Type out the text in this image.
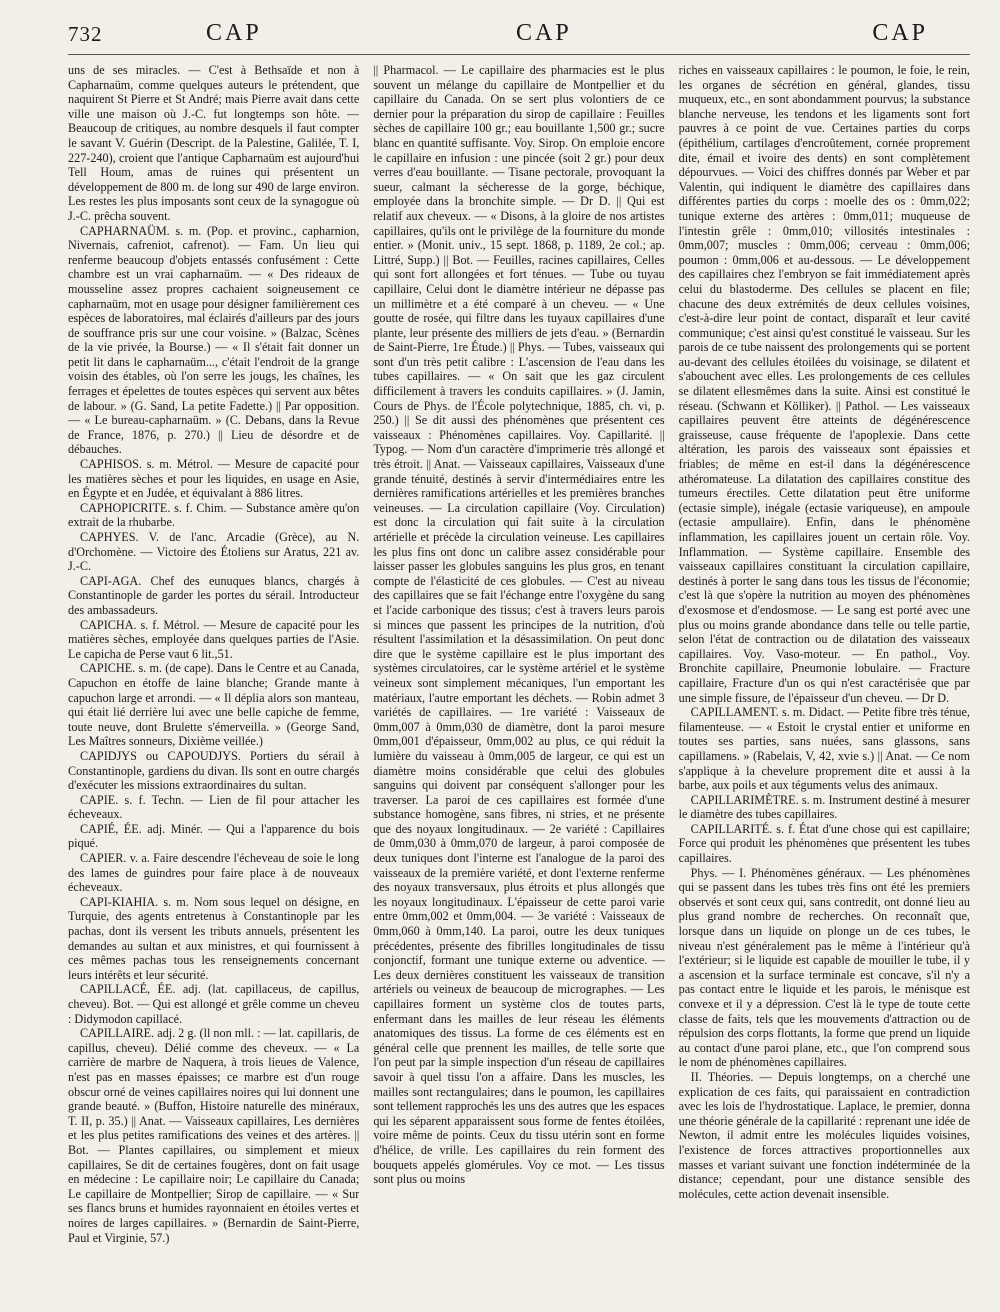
732	CAP	CAP	CAP

uns de ses miracles. — C'est à Bethsaïde et non à Capharnaüm, comme quelques auteurs le prétendent, que naquirent St Pierre et St André; mais Pierre avait dans cette ville une maison où J.-C. fut longtemps son hôte. — Beaucoup de critiques, au nombre desquels il faut compter le savant V. Guérin (Descript. de la Palestine, Galilée, T. I, 227-240), croient que l'antique Capharnaüm est aujourd'hui Tell Houm, amas de ruines qui présentent un développement de 800 m. de long sur 490 de large environ. Les restes les plus imposants sont ceux de la synagogue où J.-C. prêcha souvent.

CAPHARNAÜM. s. m. (Pop. et provinc., capharnion, Nivernais, cafreniot, cafrenot). — Fam. Un lieu qui renferme beaucoup d'objets entassés confusément : Cette chambre est un vrai capharnaüm. — « Des rideaux de mousseline assez propres cachaient soigneusement ce capharnaüm, mot en usage pour désigner familièrement ces espèces de laboratoires, mal éclairés d'ailleurs par des jours de souffrance pris sur une cour voisine. » (Balzac, Scènes de la vie privée, la Bourse.) — « Il s'était fait donner un petit lit dans le capharnaüm..., c'était l'endroit de la grange voisin des étables, où l'on serre les jougs, les chaînes, les ferrages et épelettes de toutes espèces qui servent aux bêtes de labour. » (G. Sand, La petite Fadette.) || Par opposition. — « Le bureau-capharnaüm. » (C. Debans, dans la Revue de France, 1876, p. 270.) || Lieu de désordre et de débauches.

CAPHISOS. s. m. Métrol. — Mesure de capacité pour les matières sèches et pour les liquides, en usage en Asie, en Égypte et en Judée, et équivalant à 886 litres.

CAPHOPICRITE. s. f. Chim. — Substance amère qu'on extrait de la rhubarbe.

CAPHYES. V. de l'anc. Arcadie (Grèce), au N. d'Orchomène. — Victoire des Étoliens sur Aratus, 221 av. J.-C.

CAPI-AGA. Chef des eunuques blancs, chargés à Constantinople de garder les portes du sérail. Introducteur des ambassadeurs.

CAPICHA. s. f. Métrol. — Mesure de capacité pour les matières sèches, employée dans quelques parties de l'Asie. Le capicha de Perse vaut 6 lit.,51.

CAPICHE. s. m. (de cape). Dans le Centre et au Canada, Capuchon en étoffe de laine blanche; Grande mante à capuchon large et arrondi. — « Il déplia alors son manteau, qui était lié derrière lui avec une belle capiche de femme, toute neuve, dont Brulette s'émerveilla. » (George Sand, Les Maîtres sonneurs, Dixième veillée.)

CAPIDJYS ou CAPOUDJYS. Portiers du sérail à Constantinople, gardiens du divan. Ils sont en outre chargés d'exécuter les missions extraordinaires du sultan.

CAPIE. s. f. Techn. — Lien de fil pour attacher les écheveaux.

CAPIÉ, ÉE. adj. Minér. — Qui a l'apparence du bois piqué.

CAPIER. v. a. Faire descendre l'écheveau de soie le long des lames de guindres pour faire place à de nouveaux écheveaux.

CAPI-KIAHIA. s. m. Nom sous lequel on désigne, en Turquie, des agents entretenus à Constantinople par les pachas, dont ils versent les tributs annuels, présentent les demandes au sultan et aux ministres, et qui fournissent à ces mêmes pachas tous les renseignements concernant leurs intérêts et leur sécurité.

CAPILLACÉ, ÉE. adj. (lat. capillaceus, de capillus, cheveu). Bot. — Qui est allongé et grêle comme un cheveu : Didymodon capillacé.

CAPILLAIRE. adj. 2 g. (ll non mll. : — lat. capillaris, de capillus, cheveu). Délié comme des cheveux. — « La carrière de marbre de Naquera, à trois lieues de Valence, n'est pas en masses épaisses; ce marbre est d'un rouge obscur orné de veines capillaires noires qui lui donnent une grande beauté. » (Buffon, Histoire naturelle des minéraux, T. II, p. 35.) || Anat. — Vaisseaux capillaires, Les dernières et les plus petites ramifications des veines et des artères. || Bot. — Plantes capillaires, ou simplement et mieux capillaires, Se dit de certaines fougères, dont on fait usage en médecine : Le capillaire noir; Le capillaire du Canada; Le capillaire de Montpellier; Sirop de capillaire. — « Sur ses flancs bruns et humides rayonnaient en étoiles vertes et noires de larges capillaires. » (Bernardin de Saint-Pierre, Paul et Virginie, 57.)

|| Pharmacol. — Le capillaire des pharmacies est le plus souvent un mélange du capillaire de Montpellier et du capillaire du Canada. On se sert plus volontiers de ce dernier pour la préparation du sirop de capillaire : Feuilles sèches de capillaire 100 gr.; eau bouillante 1,500 gr.; sucre blanc en quantité suffisante. Voy. Sirop. On emploie encore le capillaire en infusion : une pincée (soit 2 gr.) pour deux verres d'eau bouillante. — Tisane pectorale, provoquant la sueur, calmant la sécheresse de la gorge, béchique, employée dans la bronchite simple. — Dr D. || Qui est relatif aux cheveux. — « Disons, à la gloire de nos artistes capillaires, qu'ils ont le privilège de la fourniture du monde entier. » (Monit. univ., 15 sept. 1868, p. 1189, 2e col.; ap. Littré, Supp.) || Bot. — Feuilles, racines capillaires, Celles qui sont fort allongées et fort ténues. — Tube ou tuyau capillaire, Celui dont le diamètre intérieur ne dépasse pas un millimètre et a été comparé à un cheveu. — « Une goutte de rosée, qui filtre dans les tuyaux capillaires d'une plante, leur présente des milliers de jets d'eau. » (Bernardin de Saint-Pierre, 1re Étude.) || Phys. — Tubes, vaisseaux qui sont d'un très petit calibre : L'ascension de l'eau dans les tubes capillaires. — « On sait que les gaz circulent difficilement à travers les conduits capillaires. » (J. Jamin, Cours de Phys. de l'École polytechnique, 1885, ch. vi, p. 250.) || Se dit aussi des phénomènes que présentent ces vaisseaux : Phénomènes capillaires. Voy. Capillarité. || Typog. — Nom d'un caractère d'imprimerie très allongé et très étroit. || Anat. — Vaisseaux capillaires, Vaisseaux d'une grande ténuité, destinés à servir d'intermédiaires entre les dernières ramifications artérielles et les premières branches veineuses. — La circulation capillaire (Voy. Circulation) est donc la circulation qui fait suite à la circulation artérielle et précède la circulation veineuse. Les capillaires les plus fins ont donc un calibre assez considérable pour laisser passer les globules sanguins les plus gros, en tenant compte de l'élasticité de ces globules. — C'est au niveau des capillaires que se fait l'échange entre l'oxygène du sang et l'acide carbonique des tissus; c'est à travers leurs parois si minces que passent les principes de la nutrition, d'où résultent l'assimilation et la désassimilation. On peut donc dire que le système capillaire est le plus important des systèmes circulatoires, car le système artériel et le système veineux sont simplement mécaniques, l'un emportant les matériaux, l'autre emportant les déchets. — Robin admet 3 variétés de capillaires. — 1re variété : Vaisseaux de 0mm,007 à 0mm,030 de diamètre, dont la paroi mesure 0mm,001 d'épaisseur, 0mm,002 au plus, ce qui réduit la lumière du vaisseau à 0mm,005 de largeur, ce qui est un diamètre moins considérable que celui des globules sanguins qui doivent par conséquent s'allonger pour les traverser. La paroi de ces capillaires est formée d'une substance homogène, sans fibres, ni stries, et ne présente que des noyaux longitudinaux. — 2e variété : Capillaires de 0mm,030 à 0mm,070 de largeur, à paroi composée de deux tuniques dont l'interne est l'analogue de la paroi des vaisseaux de la première variété, et dont l'externe renferme des noyaux transversaux, plus étroits et plus allongés que les noyaux longitudinaux. L'épaisseur de cette paroi varie entre 0mm,002 et 0mm,004. — 3e variété : Vaisseaux de 0mm,060 à 0mm,140. La paroi, outre les deux tuniques précédentes, présente des fibrilles longitudinales de tissu conjonctif, formant une tunique externe ou adventice. — Les deux dernières constituent les vaisseaux de transition artériels ou veineux de beaucoup de micrographes. — Les capillaires forment un système clos de toutes parts, enfermant dans les mailles de leur réseau les éléments anatomiques des tissus. La forme de ces éléments est en général celle que prennent les mailles, de telle sorte que l'on peut par la simple inspection d'un réseau de capillaires savoir à quel tissu l'on a affaire. Dans les muscles, les mailles sont rectangulaires; dans le poumon, les capillaires sont tellement rapprochés les uns des autres que les espaces qui les séparent apparaissent sous forme de fentes étoilées, voire même de points. Ceux du tissu utérin sont en forme d'hélice, de vrille. Les capillaires du rein forment des bouquets appelés glomérules. Voy ce mot. — Les tissus sont plus ou moins

riches en vaisseaux capillaires : le poumon, le foie, le rein, les organes de sécrétion en général, glandes, tissu muqueux, etc., en sont abondamment pourvus; la substance blanche nerveuse, les tendons et les ligaments sont fort pauvres à ce point de vue. Certaines parties du corps (épithélium, cartilages d'encroûtement, cornée proprement dite, émail et ivoire des dents) en sont complètement dépourvues. — Voici des chiffres donnés par Weber et par Valentin, qui indiquent le diamètre des capillaires dans différentes parties du corps : moelle des os : 0mm,022; tunique externe des artères : 0mm,011; muqueuse de l'intestin grêle : 0mm,010; villosités intestinales : 0mm,007; muscles : 0mm,006; cerveau : 0mm,006; poumon : 0mm,006 et au-dessous. — Le développement des capillaires chez l'embryon se fait immédiatement après celui du blastoderme. Des cellules se placent en file; chacune des deux extrémités de deux cellules voisines, c'est-à-dire leur point de contact, disparaît et leur cavité communique; c'est ainsi qu'est constitué le vaisseau. Sur les parois de ce tube naissent des prolongements qui se portent au-devant des cellules étoilées du voisinage, se dilatent et s'abouchent avec elles. Les prolongements de ces cellules se dilatent ellesmêmes dans la suite. Ainsi est constitué le réseau. (Schwann et Kölliker). || Pathol. — Les vaisseaux capillaires peuvent être atteints de dégénérescence graisseuse, cause fréquente de l'apoplexie. Dans cette altération, les parois des vaisseaux sont épaissies et friables; de même en est-il dans la dégénérescence athéromateuse. La dilatation des capillaires constitue des tumeurs érectiles. Cette dilatation peut être uniforme (ectasie simple), inégale (ectasie variqueuse), en ampoule (ectasie ampullaire). Enfin, dans le phénomène inflammation, les capillaires jouent un certain rôle. Voy. Inflammation. — Système capillaire. Ensemble des vaisseaux capillaires constituant la circulation capillaire, destinés à porter le sang dans tous les tissus de l'économie; c'est là que s'opère la nutrition au moyen des phénomènes d'exosmose et d'endosmose. — Le sang est porté avec une plus ou moins grande abondance dans telle ou telle partie, selon l'état de contraction ou de dilatation des vaisseaux capillaires. Voy. Vaso-moteur. — En pathol., Voy. Bronchite capillaire, Pneumonie lobulaire. — Fracture capillaire, Fracture d'un os qui n'est caractérisée que par une simple fissure, de l'épaisseur d'un cheveu. — Dr D.

CAPILLAMENT. s. m. Didact. — Petite fibre très ténue, filamenteuse. — « Estoit le crystal entier et uniforme en toutes ses parties, sans nuées, sans glassons, sans capillamens. » (Rabelais, V, 42, xvie s.) || Anat. — Ce nom s'applique à la chevelure proprement dite et aussi à la barbe, aux poils et aux téguments velus des animaux.

CAPILLARIMÈTRE. s. m. Instrument destiné à mesurer le diamètre des tubes capillaires.

CAPILLARITÉ. s. f. État d'une chose qui est capillaire; Force qui produit les phénomènes que présentent les tubes capillaires.

Phys. — I. Phénomènes généraux. — Les phénomènes qui se passent dans les tubes très fins ont été les premiers observés et sont ceux qui, sans contredit, ont donné lieu au plus grand nombre de recherches. On reconnaît que, lorsque dans un liquide on plonge un de ces tubes, le niveau n'est généralement pas le même à l'intérieur qu'à l'extérieur; si le liquide est capable de mouiller le tube, il y a ascension et la surface terminale est concave, s'il n'y a pas contact entre le liquide et les parois, le ménisque est convexe et il y a dépression. C'est là le type de toute cette classe de faits, tels que les mouvements d'attraction ou de répulsion des corps flottants, la forme que prend un liquide au contact d'une paroi plane, etc., que l'on comprend sous le nom de phénomènes capillaires.

II. Théories. — Depuis longtemps, on a cherché une explication de ces faits, qui paraissaient en contradiction avec les lois de l'hydrostatique. Laplace, le premier, donna une théorie générale de la capillarité : reprenant une idée de Newton, il admit entre les molécules liquides voisines, l'existence de forces attractives proportionnelles aux masses et variant suivant une fonction indéterminée de la distance; cependant, pour une distance sensible des molécules, cette action devenait insensible.
